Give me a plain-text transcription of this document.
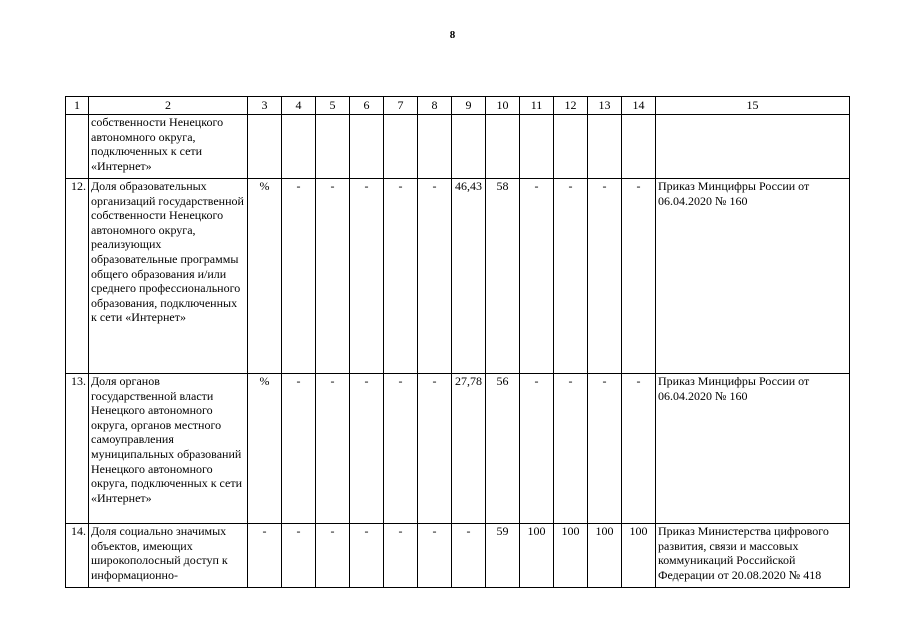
8
1	2	3	4	5	6	7	8	9	10	11	12	13	14	15
	собственности Ненецкого автономного округа, подключенных к сети «Интернет»													
12.	Доля образовательных организаций государственной собственности Ненецкого автономного округа, реализующих образовательные программы общего образования и/или среднего профессионального образования, подключенных к сети «Интернет»	%	-	-	-	-	-	46,43	58	-	-	-	-	Приказ Минцифры России от 06.04.2020 № 160
13.	Доля органов государственной власти Ненецкого автономного округа, органов местного самоуправления муниципальных образований Ненецкого автономного округа, подключенных к сети «Интернет»	%	-	-	-	-	-	27,78	56	-	-	-	-	Приказ Минцифры России от 06.04.2020 № 160
14.	Доля социально значимых объектов, имеющих широкополосный доступ к информационно-	-	-	-	-	-	-	-	59	100	100	100	100	Приказ Министерства цифрового развития, связи и массовых коммуникаций Российской Федерации от 20.08.2020 № 418
